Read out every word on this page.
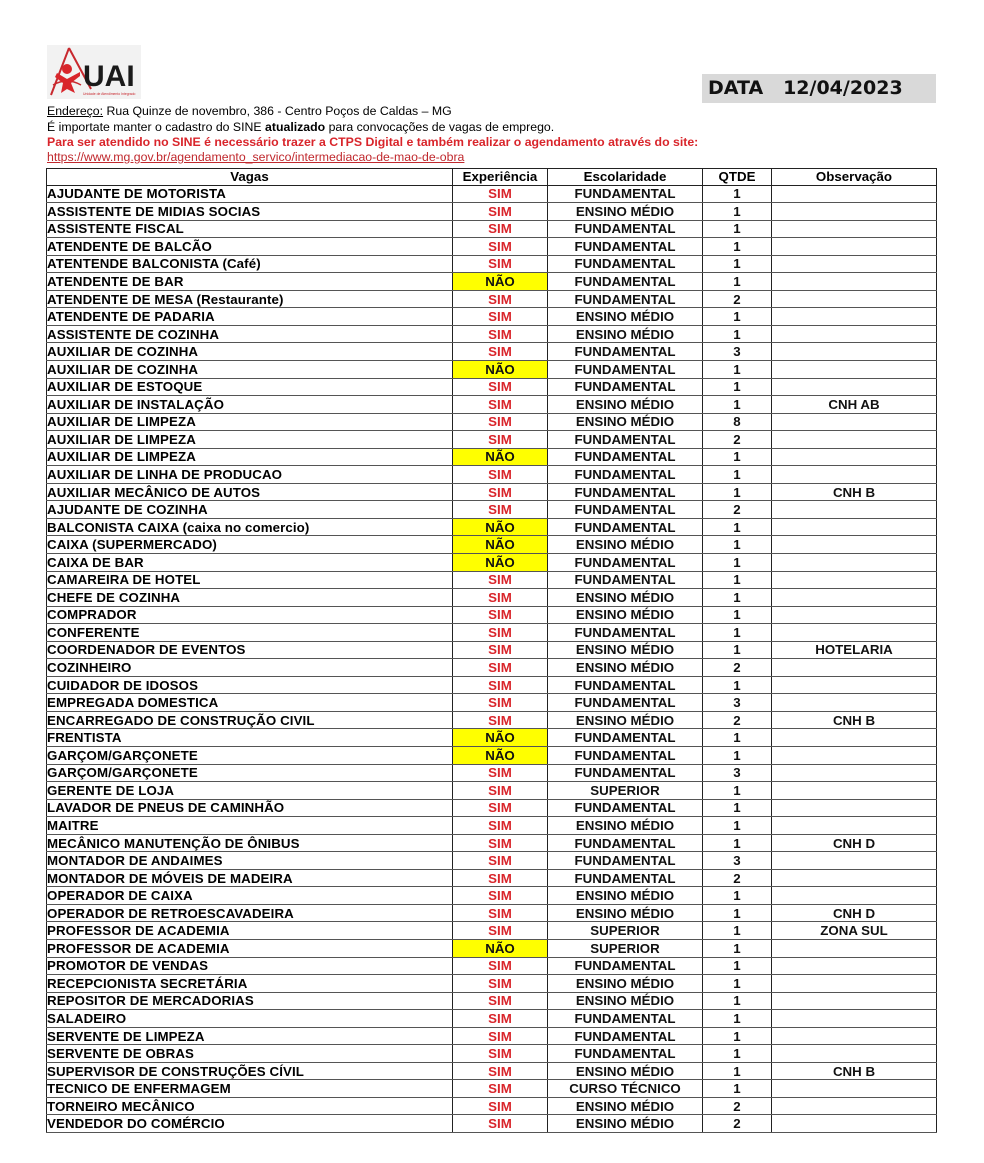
UAI
Unidade de Atendimento Integrado	DATA 12/04/2023
Endereço: Rua Quinze de novembro, 386 - Centro Poços de Caldas – MG
É importate manter o cadastro do SINE atualizado para convocações de vagas de emprego.
Para ser atendido no SINE é necessário trazer a CTPS Digital e também realizar o agendamento através do site:
https://www.mg.gov.br/agendamento_servico/intermediacao-de-mao-de-obra
Vagas	Experiência	Escolaridade	QTDE	Observação
AJUDANTE DE MOTORISTA	SIM	FUNDAMENTAL	1	
ASSISTENTE DE MIDIAS SOCIAS	SIM	ENSINO MÉDIO	1	
ASSISTENTE FISCAL	SIM	FUNDAMENTAL	1	
ATENDENTE DE BALCÃO	SIM	FUNDAMENTAL	1	
ATENTENDE BALCONISTA (Café)	SIM	FUNDAMENTAL	1	
ATENDENTE DE BAR	NÃO	FUNDAMENTAL	1	
ATENDENTE DE MESA (Restaurante)	SIM	FUNDAMENTAL	2	
ATENDENTE DE PADARIA	SIM	ENSINO MÉDIO	1	
ASSISTENTE DE COZINHA	SIM	ENSINO MÉDIO	1	
AUXILIAR DE COZINHA	SIM	FUNDAMENTAL	3	
AUXILIAR DE COZINHA	NÃO	FUNDAMENTAL	1	
AUXILIAR DE ESTOQUE	SIM	FUNDAMENTAL	1	
AUXILIAR DE INSTALAÇÃO	SIM	ENSINO MÉDIO	1	CNH AB
AUXILIAR DE LIMPEZA	SIM	ENSINO MÉDIO	8	
AUXILIAR DE LIMPEZA	SIM	FUNDAMENTAL	2	
AUXILIAR DE LIMPEZA	NÃO	FUNDAMENTAL	1	
AUXILIAR DE LINHA DE PRODUCAO	SIM	FUNDAMENTAL	1	
AUXILIAR MECÂNICO DE AUTOS	SIM	FUNDAMENTAL	1	CNH B
AJUDANTE DE COZINHA	SIM	FUNDAMENTAL	2	
BALCONISTA CAIXA (caixa no comercio)	NÃO	FUNDAMENTAL	1	
CAIXA (SUPERMERCADO)	NÃO	ENSINO MÉDIO	1	
CAIXA DE BAR	NÃO	FUNDAMENTAL	1	
CAMAREIRA DE HOTEL	SIM	FUNDAMENTAL	1	
CHEFE DE COZINHA	SIM	ENSINO MÉDIO	1	
COMPRADOR	SIM	ENSINO MÉDIO	1	
CONFERENTE	SIM	FUNDAMENTAL	1	
COORDENADOR DE EVENTOS	SIM	ENSINO MÉDIO	1	HOTELARIA
COZINHEIRO	SIM	ENSINO MÉDIO	2	
CUIDADOR DE IDOSOS	SIM	FUNDAMENTAL	1	
EMPREGADA DOMESTICA	SIM	FUNDAMENTAL	3	
ENCARREGADO DE CONSTRUÇÃO CIVIL	SIM	ENSINO MÉDIO	2	CNH B
FRENTISTA	NÃO	FUNDAMENTAL	1	
GARÇOM/GARÇONETE	NÃO	FUNDAMENTAL	1	
GARÇOM/GARÇONETE	SIM	FUNDAMENTAL	3	
GERENTE DE LOJA	SIM	SUPERIOR	1	
LAVADOR DE PNEUS DE CAMINHÃO	SIM	FUNDAMENTAL	1	
MAITRE	SIM	ENSINO MÉDIO	1	
MECÂNICO MANUTENÇÃO DE ÔNIBUS	SIM	FUNDAMENTAL	1	CNH D
MONTADOR DE ANDAIMES	SIM	FUNDAMENTAL	3	
MONTADOR DE MÓVEIS DE MADEIRA	SIM	FUNDAMENTAL	2	
OPERADOR DE CAIXA	SIM	ENSINO MÉDIO	1	
OPERADOR DE RETROESCAVADEIRA	SIM	ENSINO MÉDIO	1	CNH D
PROFESSOR DE ACADEMIA	SIM	SUPERIOR	1	ZONA SUL
PROFESSOR DE ACADEMIA	NÃO	SUPERIOR	1	
PROMOTOR DE VENDAS	SIM	FUNDAMENTAL	1	
RECEPCIONISTA SECRETÁRIA	SIM	ENSINO MÉDIO	1	
REPOSITOR DE MERCADORIAS	SIM	ENSINO MÉDIO	1	
SALADEIRO	SIM	FUNDAMENTAL	1	
SERVENTE DE LIMPEZA	SIM	FUNDAMENTAL	1	
SERVENTE DE OBRAS	SIM	FUNDAMENTAL	1	
SUPERVISOR DE CONSTRUÇÕES CÍVIL	SIM	ENSINO MÉDIO	1	CNH B
TECNICO DE ENFERMAGEM	SIM	CURSO TÉCNICO	1	
TORNEIRO MECÂNICO	SIM	ENSINO MÉDIO	2	
VENDEDOR DO COMÉRCIO	SIM	ENSINO MÉDIO	2	
